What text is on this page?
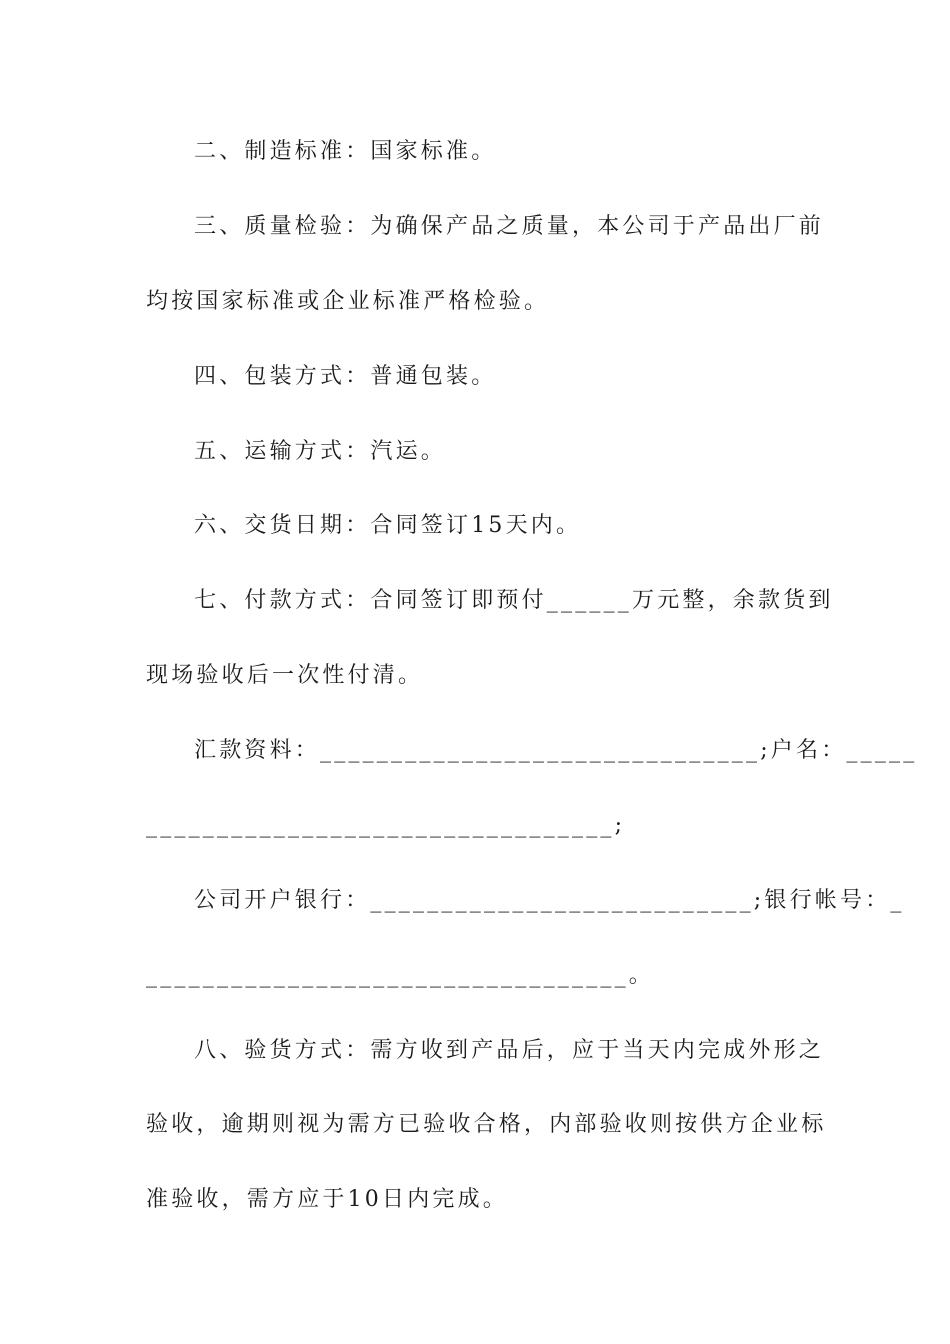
二、制造标准：国家标准。
三、质量检验：为确保产品之质量，本公司于产品出厂前
均按国家标准或企业标准严格检验。
四、包装方式：普通包装。
五、运输方式：汽运。
六、交货日期：合同签订15天内。
七、付款方式：合同签订即预付______万元整，余款货到
现场验收后一次性付清。
汇款资料：_______________________________;户名：_____
_________________________________;
公司开户银行：___________________________;银行帐号：_
__________________________________。
八、验货方式：需方收到产品后，应于当天内完成外形之
验收，逾期则视为需方已验收合格，内部验收则按供方企业标
准验收，需方应于10日内完成。
